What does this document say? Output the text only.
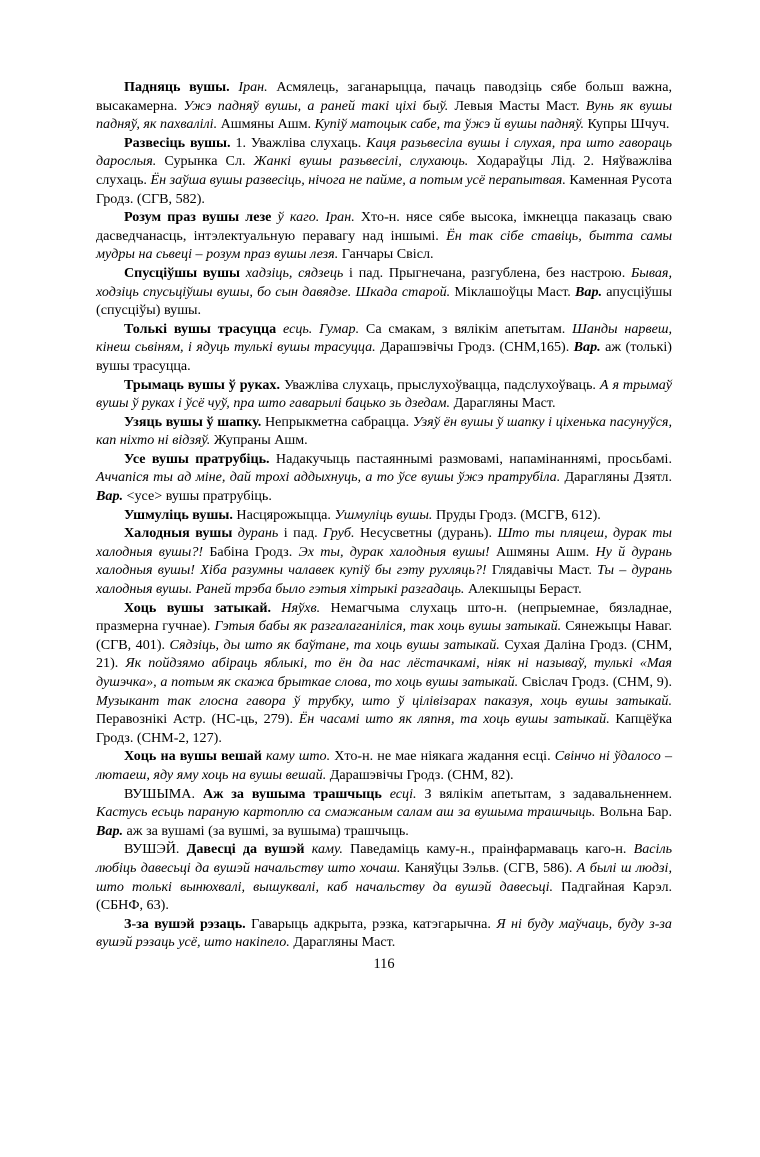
Падняць вушы. Іран. Асмялець, заганарыцца, пачаць паводзіць сябе больш важна, высакамерна. Ужэ падняў вушы, а раней такі ціхі быў. Левыя Масты Маст. Вунь як вушы падняў, як пахвалілі. Ашмяны Ашм. Купіў матоцык сабе, та ўжэ й вушы падняў. Купры Шчуч.

Развесіць вушы. 1. Уважліва слухаць. Каця разьвесіла вушы і слухая, пра што гавораць дарослыя. Сурынка Сл. Жанкі вушы разьвесілі, слухаюць. Ходараўцы Лід. 2. Няўважліва слухаць. Ён заўша вушы развесіць, нічога не пайме, а потым усё перапытвая. Каменная Русота Гродз. (СГВ, 582).

Розум праз вушы лезе ў каго. Іран. Хто-н. нясе сябе высока, імкнецца паказаць сваю дасведчанасць, інтэлектуальную перавагу над іншымі. Ён так сібе ставіць, бытта самы мудры на сьвеці – розум праз вушы лезя. Ганчары Свісл.

Спусціўшы вушы хадзіць, сядзець і пад. Прыгнечана, разгублена, без настрою. Бывая, ходзіць спусьціўшы вушы, бо сын давядзе. Шкада старой. Міклашоўцы Маст. Вар. апусціўшы (спусціўы) вушы.

Толькі вушы трасуцца есць. Гумар. Са смакам, з вялікім апетытам. Шанды нарвеш, кінеш сьвіням, і ядуць тулькі вушы трасуцца. Дарашэвічы Гродз. (СНМ,165). Вар. аж (толькі) вушы трасуцца.

Трымаць вушы ў руках. Уважліва слухаць, прыслухоўвацца, падслухоўваць. А я трымаў вушы ў руках і ўсё чуў, пра што гаварылі бацько зь дзедам. Дарагляны Маст.

Узяць вушы ў шапку. Непрыкметна сабрацца. Узяў ён вушы ў шапку і ціхенька пасунуўся, кап ніхто ні відзяў. Жупраны Ашм.

Усе вушы пратрубіць. Надакучыць пастаяннымі размовамі, напамінаннямі, просьбамі. Аччапіся ты ад міне, дай трохі аддыхнуць, а то ўсе вушы ўжэ пратрубіла. Дарагляны Дзятл. Вар. <усе> вушы пратрубіць.

Ушмуліць вушы. Насцярожыцца. Ушмуліць вушы. Пруды Гродз. (МСГВ, 612).

Халодныя вушы дурань і пад. Груб. Несусветны (дурань). Што ты пляцеш, дурак ты халодныя вушы?! Бабіна Гродз. Эх ты, дурак халодныя вушы! Ашмяны Ашм. Ну й дурань халодныя вушы! Хіба разумны чалавек купіў бы гэту рухляць?! Глядавічы Маст. Ты – дурань халодныя вушы. Раней трэба было гэтыя хітрыкі разгадаць. Алекшыцы Бераст.

Хоць вушы затыкай. Няўхв. Немагчыма слухаць што-н. (непрыемнае, бязладнае, празмерна гучнае). Гэтыя бабы як разгалаганіліся, так хоць вушы затыкай. Сянежыцы Наваг. (СГВ, 401). Сядзіць, ды што як баўтане, та хоць вушы затыкай. Сухая Даліна Гродз. (СНМ, 21). Як пойдзямо абіраць яблыкі, то ён да нас лёстачкамі, ніяк ні называў, тулькі «Мая душэчка», а потым як скажа брыткае слова, то хоць вушы затыкай. Свіслач Гродз. (СНМ, 9). Музыкант так глосна гавора ў трубку, што ў цілівізарах паказуя, хоць вушы затыкай. Перавознікі Астр. (НС-ць, 279). Ён часамі што як ляпня, та хоць вушы затыкай. Капцёўка Гродз. (СНМ-2, 127).

Хоць на вушы вешай каму што. Хто-н. не мае ніякага жадання есці. Свінчо ні ўдалосо – лютаеш, яду яму хоць на вушы вешай. Дарашэвічы Гродз. (СНМ, 82).

ВУШЫМА. Аж за вушыма трашчыць есці. З вялікім апетытам, з задавальненнем. Кастусь есьць параную картоплю са смажаным салам аш за вушыма трашчыць. Вольна Бар. Вар. аж за вушамі (за вушмі, за вушыма) трашчыць.

ВУШЭЙ. Давесці да вушэй каму. Паведаміць каму-н., праінфармаваць каго-н. Васіль любіць давесьці да вушэй начальству што хочаш. Каняўцы Зэльв. (СГВ, 586). А былі ш людзі, што толькі вынюхвалі, вышуквалі, каб начальству да вушэй давесьці. Падгайная Карэл. (СБНФ, 63).

З-за вушэй рэзаць. Гаварыць адкрыта, рэзка, катэгарычна. Я ні буду маўчаць, буду з-за вушэй рэзаць усё, што накіпело. Дарагляны Маст.

116
